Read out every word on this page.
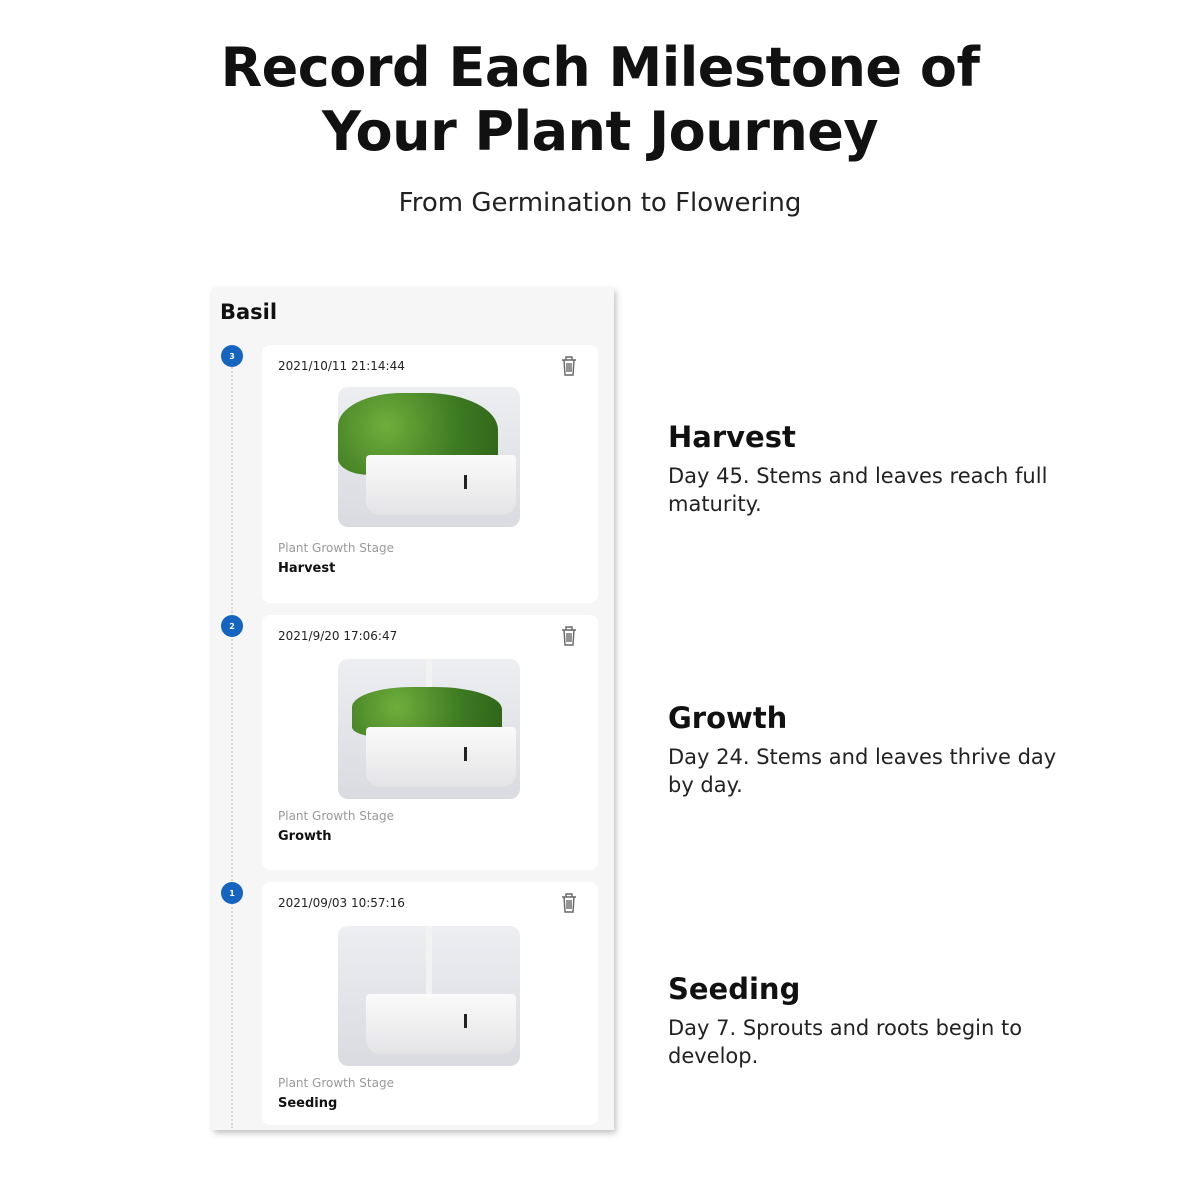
Record Each Milestone of
Your Plant Journey
From Germination to Flowering
Basil
3
2021/10/11 21:14:44
Plant Growth Stage
Harvest
2
2021/9/20 17:06:47
Plant Growth Stage
Growth
1
2021/09/03 10:57:16
Plant Growth Stage
Seeding
Harvest

Day 45. Stems and leaves reach full maturity.

Growth

Day 24. Stems and leaves thrive day by day.

Seeding

Day 7. Sprouts and roots begin to develop.
